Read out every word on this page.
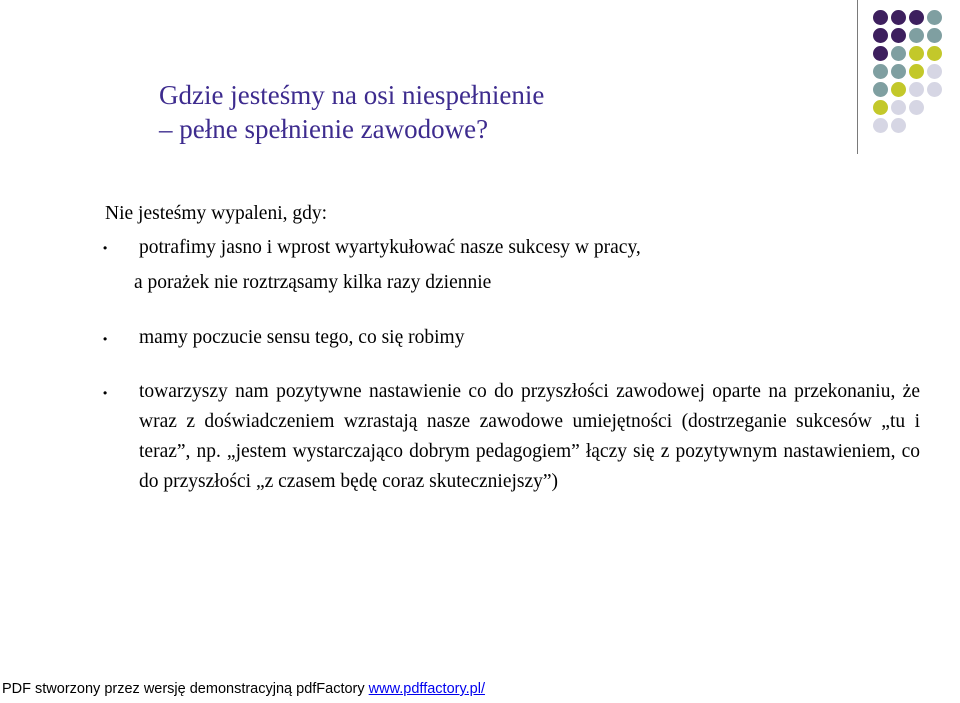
Gdzie jesteśmy na osi niespełnienie

– pełne spełnienie zawodowe?
Nie jesteśmy wypaleni, gdy:
• potrafimy jasno i wprost wyartykułować nasze sukcesy w pracy,
a porażek nie roztrząsamy kilka razy dziennie
• mamy poczucie sensu tego, co się robimy
• towarzyszy nam pozytywne nastawienie co do przyszłości zawodowej oparte na przekonaniu, że wraz z doświadczeniem wzrastają nasze zawodowe umiejętności (dostrzeganie sukcesów „tu i teraz”, np. „jestem wystarczająco dobrym pedagogiem” łączy się z pozytywnym nastawieniem, co do przyszłości „z czasem będę coraz skuteczniejszy”)
PDF stworzony przez wersję demonstracyjną pdfFactory www.pdffactory.pl/
